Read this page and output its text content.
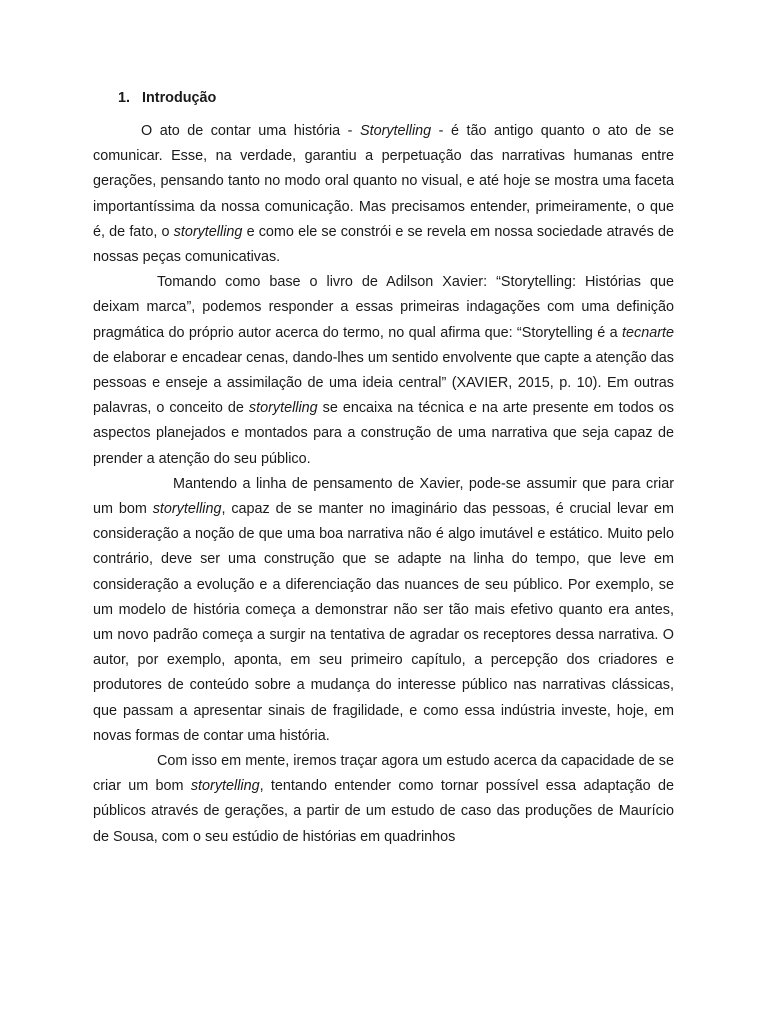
1. Introdução

O ato de contar uma história - Storytelling - é tão antigo quanto o ato de se comunicar. Esse, na verdade, garantiu a perpetuação das narrativas humanas entre gerações, pensando tanto no modo oral quanto no visual, e até hoje se mostra uma faceta importantíssima da nossa comunicação. Mas precisamos entender, primeiramente, o que é, de fato, o storytelling e como ele se constrói e se revela em nossa sociedade através de nossas peças comunicativas.

Tomando como base o livro de Adilson Xavier: “Storytelling: Histórias que deixam marca”, podemos responder a essas primeiras indagações com uma definição pragmática do próprio autor acerca do termo, no qual afirma que: “Storytelling é a tecnarte de elaborar e encadear cenas, dando-lhes um sentido envolvente que capte a atenção das pessoas e enseje a assimilação de uma ideia central” (XAVIER, 2015, p. 10). Em outras palavras, o conceito de storytelling se encaixa na técnica e na arte presente em todos os aspectos planejados e montados para a construção de uma narrativa que seja capaz de prender a atenção do seu público.

Mantendo a linha de pensamento de Xavier, pode-se assumir que para criar um bom storytelling, capaz de se manter no imaginário das pessoas, é crucial levar em consideração a noção de que uma boa narrativa não é algo imutável e estático. Muito pelo contrário, deve ser uma construção que se adapte na linha do tempo, que leve em consideração a evolução e a diferenciação das nuances de seu público. Por exemplo, se um modelo de história começa a demonstrar não ser tão mais efetivo quanto era antes, um novo padrão começa a surgir na tentativa de agradar os receptores dessa narrativa. O autor, por exemplo, aponta, em seu primeiro capítulo, a percepção dos criadores e produtores de conteúdo sobre a mudança do interesse público nas narrativas clássicas, que passam a apresentar sinais de fragilidade, e como essa indústria investe, hoje, em novas formas de contar uma história.

Com isso em mente, iremos traçar agora um estudo acerca da capacidade de se criar um bom storytelling, tentando entender como tornar possível essa adaptação de públicos através de gerações, a partir de um estudo de caso das produções de Maurício de Sousa, com o seu estúdio de histórias em quadrinhos
